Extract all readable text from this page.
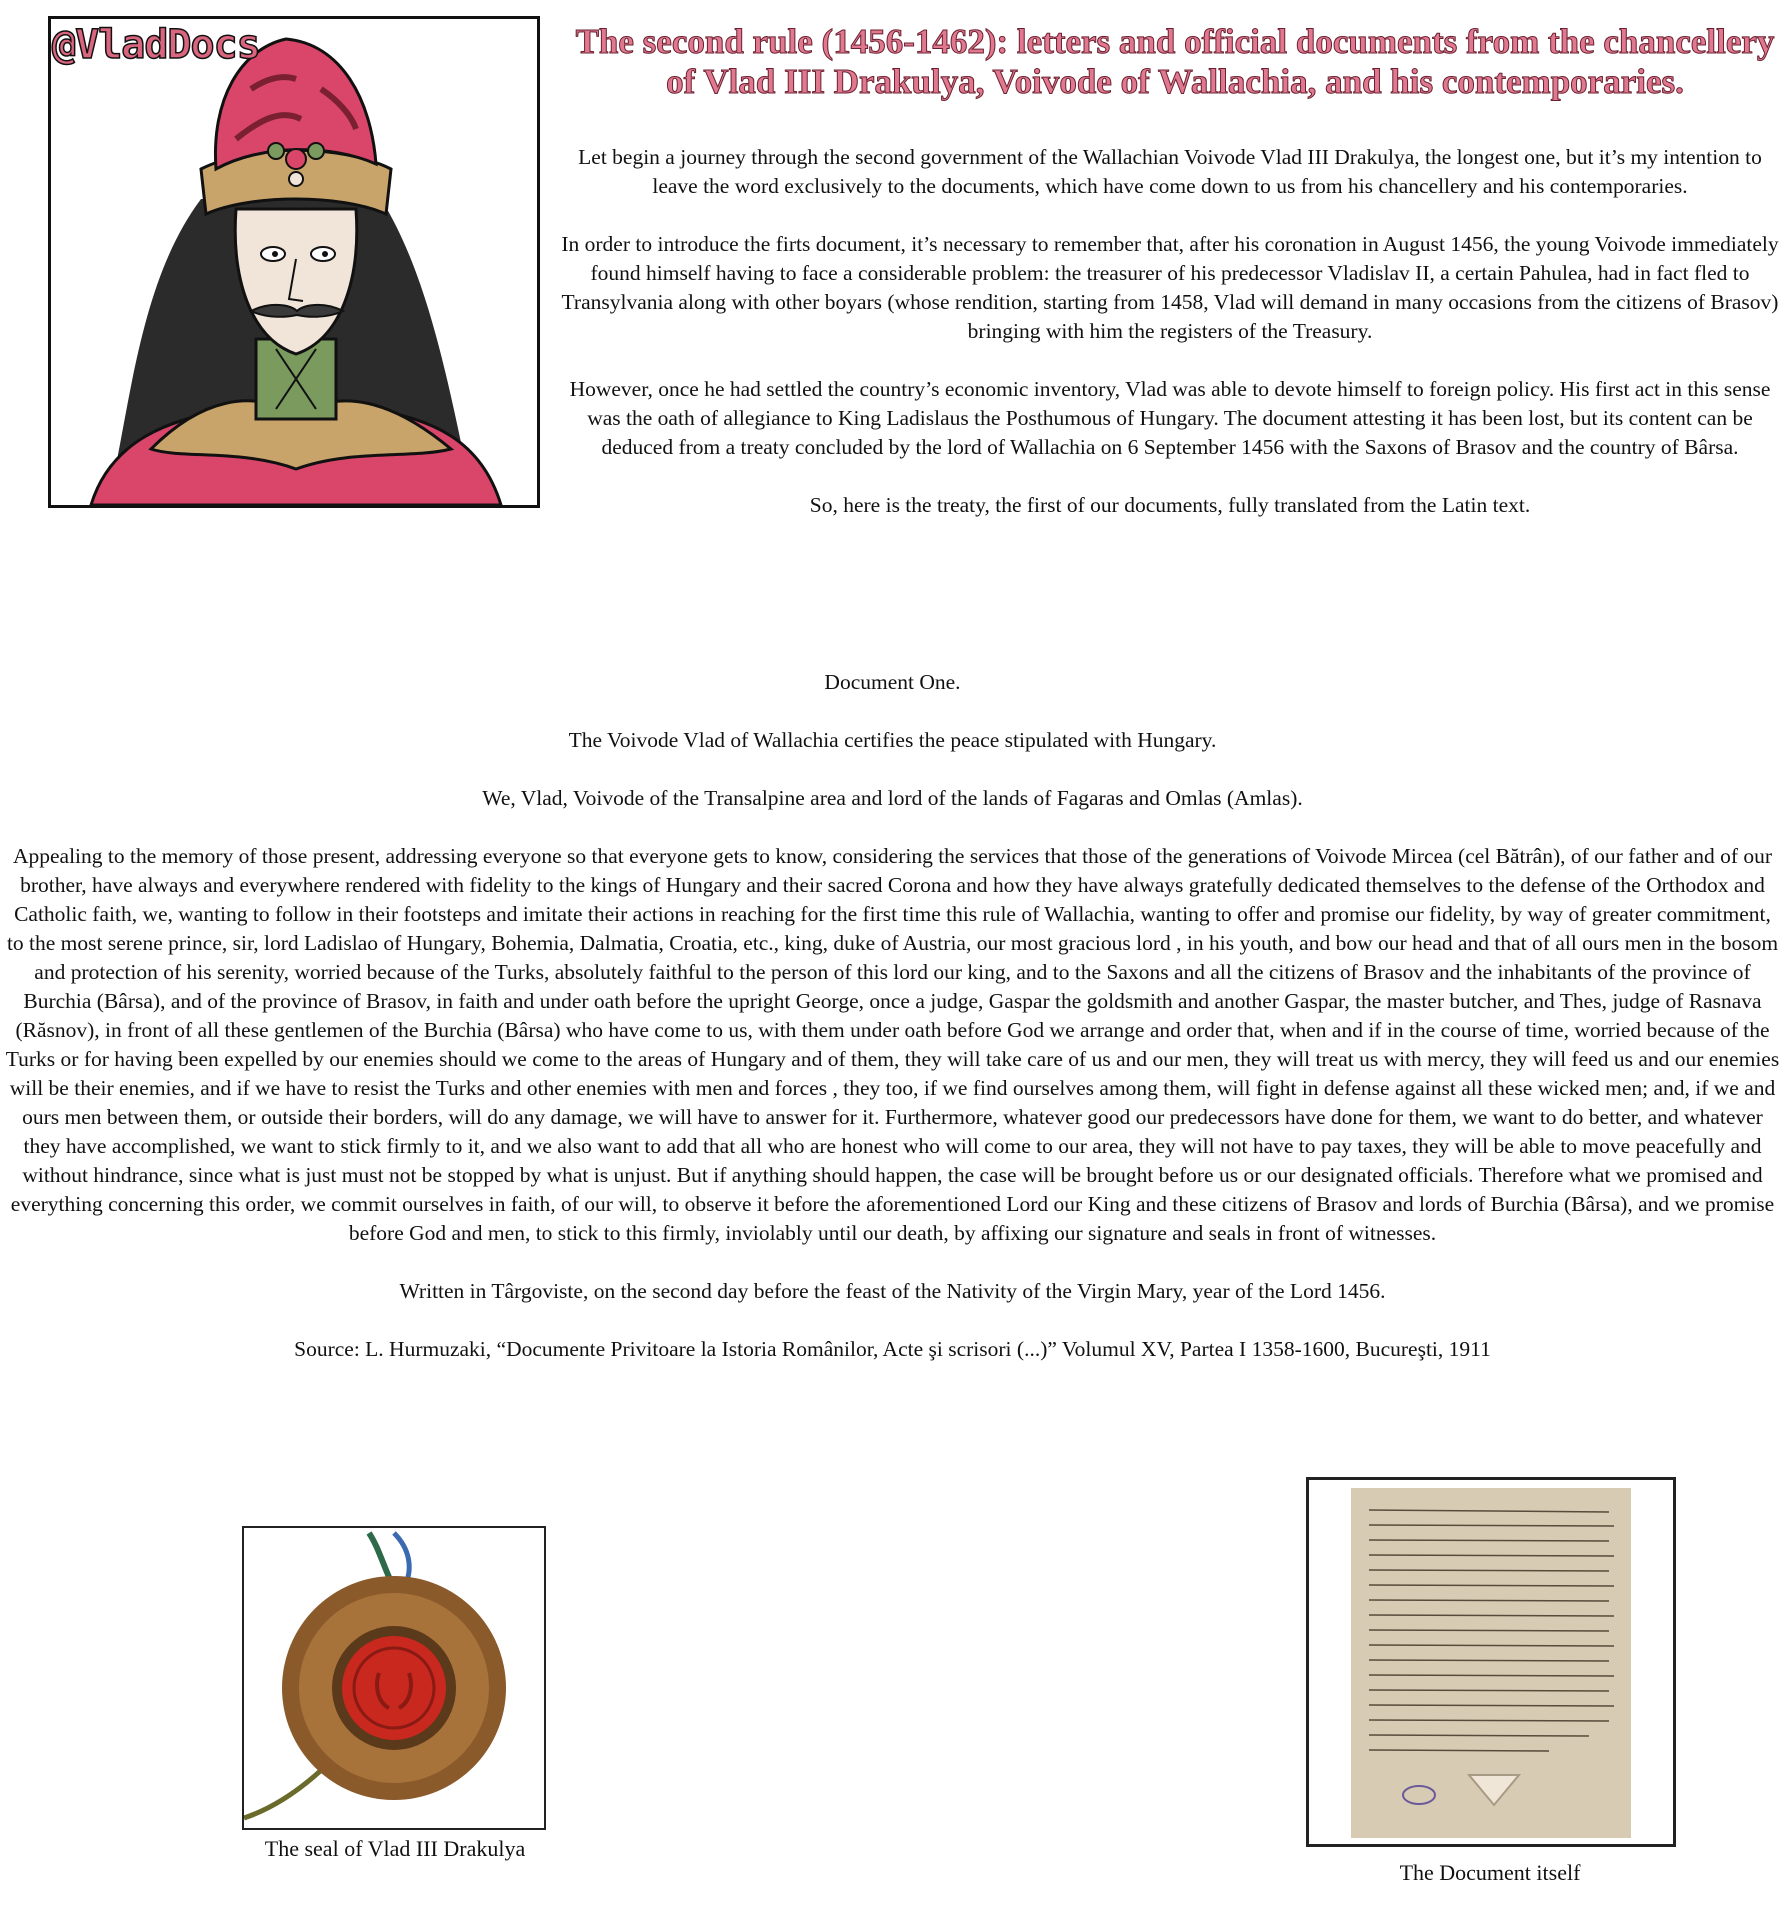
@VladDocs	The second rule (1456-1462): letters and official documents from the chancellery of Vlad III Drakulya, Voivode of Wallachia, and his contemporaries.

Let begin a journey through the second government of the Wallachian Voivode Vlad III Drakulya, the longest one, but it’s my intention to leave the word exclusively to the documents, which have come down to us from his chancellery and his contemporaries.

In order to introduce the firts document, it’s necessary to remember that, after his coronation in August 1456, the young Voivode immediately found himself having to face a considerable problem: the treasurer of his predecessor Vladislav II, a certain Pahulea, had in fact fled to Transylvania along with other boyars (whose rendition, starting from 1458, Vlad will demand in many occasions from the citizens of Brasov) bringing with him the registers of the Treasury.

However, once he had settled the country’s economic inventory, Vlad was able to devote himself to foreign policy. His first act in this sense was the oath of allegiance to King Ladislaus the Posthumous of Hungary. The document attesting it has been lost, but its content can be deduced from a treaty concluded by the lord of Wallachia on 6 September 1456 with the Saxons of Brasov and the country of Bârsa.

So, here is the treaty, the first of our documents, fully translated from the Latin text.

Document One.

The Voivode Vlad of Wallachia certifies the peace stipulated with Hungary.

We, Vlad, Voivode of the Transalpine area and lord of the lands of Fagaras and Omlas (Amlas).

Appealing to the memory of those present, addressing everyone so that everyone gets to know, considering the services that those of the generations of Voivode Mircea (cel Bătrân), of our father and of our brother, have always and everywhere rendered with fidelity to the kings of Hungary and their sacred Corona and how they have always gratefully dedicated themselves to the defense of the Orthodox and Catholic faith, we, wanting to follow in their footsteps and imitate their actions in reaching for the first time this rule of Wallachia, wanting to offer and promise our fidelity, by way of greater commitment, to the most serene prince, sir, lord Ladislao of Hungary, Bohemia, Dalmatia, Croatia, etc., king, duke of Austria, our most gracious lord , in his youth, and bow our head and that of all ours men in the bosom and protection of his serenity, worried because of the Turks, absolutely faithful to the person of this lord our king, and to the Saxons and all the citizens of Brasov and the inhabitants of the province of Burchia (Bârsa), and of the province of Brasov, in faith and under oath before the upright George, once a judge, Gaspar the goldsmith and another Gaspar, the master butcher, and Thes, judge of Rasnava (Răsnov), in front of all these gentlemen of the Burchia (Bârsa) who have come to us, with them under oath before God we arrange and order that, when and if in the course of time, worried because of the Turks or for having been expelled by our enemies should we come to the areas of Hungary and of them, they will take care of us and our men, they will treat us with mercy, they will feed us and our enemies will be their enemies, and if we have to resist the Turks and other enemies with men and forces , they too, if we find ourselves among them, will fight in defense against all these wicked men; and, if we and ours men between them, or outside their borders, will do any damage, we will have to answer for it. Furthermore, whatever good our predecessors have done for them, we want to do better, and whatever they have accomplished, we want to stick firmly to it, and we also want to add that all who are honest who will come to our area, they will not have to pay taxes, they will be able to move peacefully and without hindrance, since what is just must not be stopped by what is unjust. But if anything should happen, the case will be brought before us or our designated officials. Therefore what we promised and everything concerning this order, we commit ourselves in faith, of our will, to observe it before the aforementioned Lord our King and these citizens of Brasov and lords of Burchia (Bârsa), and we promise before God and men, to stick to this firmly, inviolably until our death, by affixing our signature and seals in front of witnesses.

Written in Târgoviste, on the second day before the feast of the Nativity of the Virgin Mary, year of the Lord 1456.

Source: L. Hurmuzaki, “Documente Privitoare la Istoria Românilor, Acte şi scrisori (...)” Volumul XV, Partea I 1358-1600, Bucureşti, 1911

The seal of Vlad III Drakulya
The Document itself
